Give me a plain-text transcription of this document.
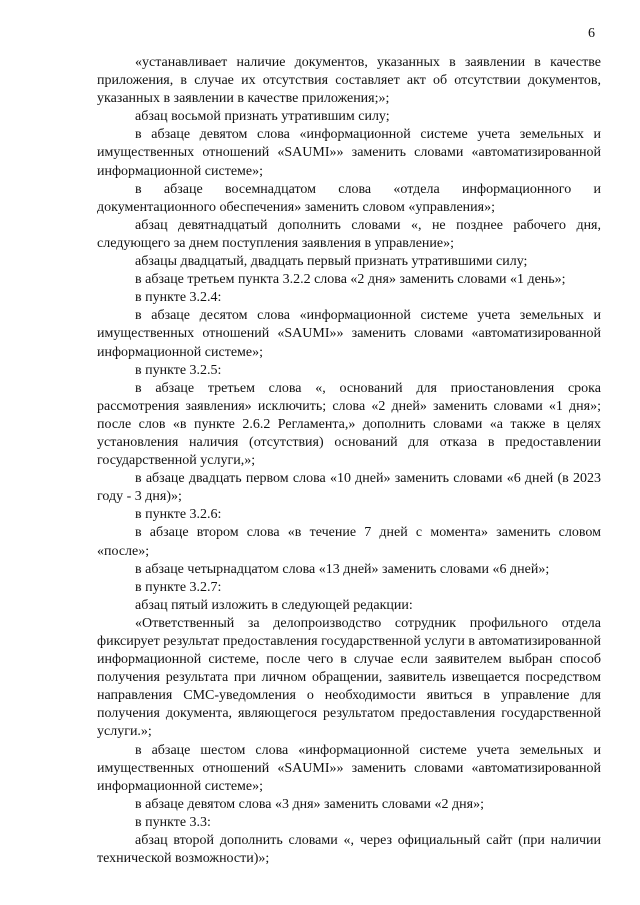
6

«устанавливает наличие документов, указанных в заявлении в качестве приложения, в случае их отсутствия составляет акт об отсутствии документов, указанных в заявлении в качестве приложения;»;

абзац восьмой признать утратившим силу;

в абзаце девятом слова «информационной системе учета земельных и имущественных отношений «SAUMI»» заменить словами «автоматизированной информационной системе»;

в абзаце восемнадцатом слова «отдела информационного и документационного обеспечения» заменить словом «управления»;

абзац девятнадцатый дополнить словами «, не позднее рабочего дня, следующего за днем поступления заявления в управление»;

абзацы двадцатый, двадцать первый признать утратившими силу;

в абзаце третьем пункта 3.2.2 слова «2 дня» заменить словами «1 день»;

в пункте 3.2.4:

в абзаце десятом слова «информационной системе учета земельных и имущественных отношений «SAUMI»» заменить словами «автоматизированной информационной системе»;

в пункте 3.2.5:

в абзаце третьем слова «, оснований для приостановления срока рассмотрения заявления» исключить; слова «2 дней» заменить словами «1 дня»; после слов «в пункте 2.6.2 Регламента,» дополнить словами «а также в целях установления наличия (отсутствия) оснований для отказа в предоставлении государственной услуги,»;

в абзаце двадцать первом слова «10 дней» заменить словами «6 дней (в 2023 году - 3 дня)»;

в пункте 3.2.6:

в абзаце втором слова «в течение 7 дней с момента» заменить словом «после»;

в абзаце четырнадцатом слова «13 дней» заменить словами «6 дней»;

в пункте 3.2.7:

абзац пятый изложить в следующей редакции:

«Ответственный за делопроизводство сотрудник профильного отдела фиксирует результат предоставления государственной услуги в автоматизированной информационной системе, после чего в случае если заявителем выбран способ получения результата при личном обращении, заявитель извещается посредством направления СМС-уведомления о необходимости явиться в управление для получения документа, являющегося результатом предоставления государственной услуги.»;

в абзаце шестом слова «информационной системе учета земельных и имущественных отношений «SAUMI»» заменить словами «автоматизированной информационной системе»;

в абзаце девятом слова «3 дня» заменить словами «2 дня»;

в пункте 3.3:

абзац второй дополнить словами «, через официальный сайт (при наличии технической возможности)»;
